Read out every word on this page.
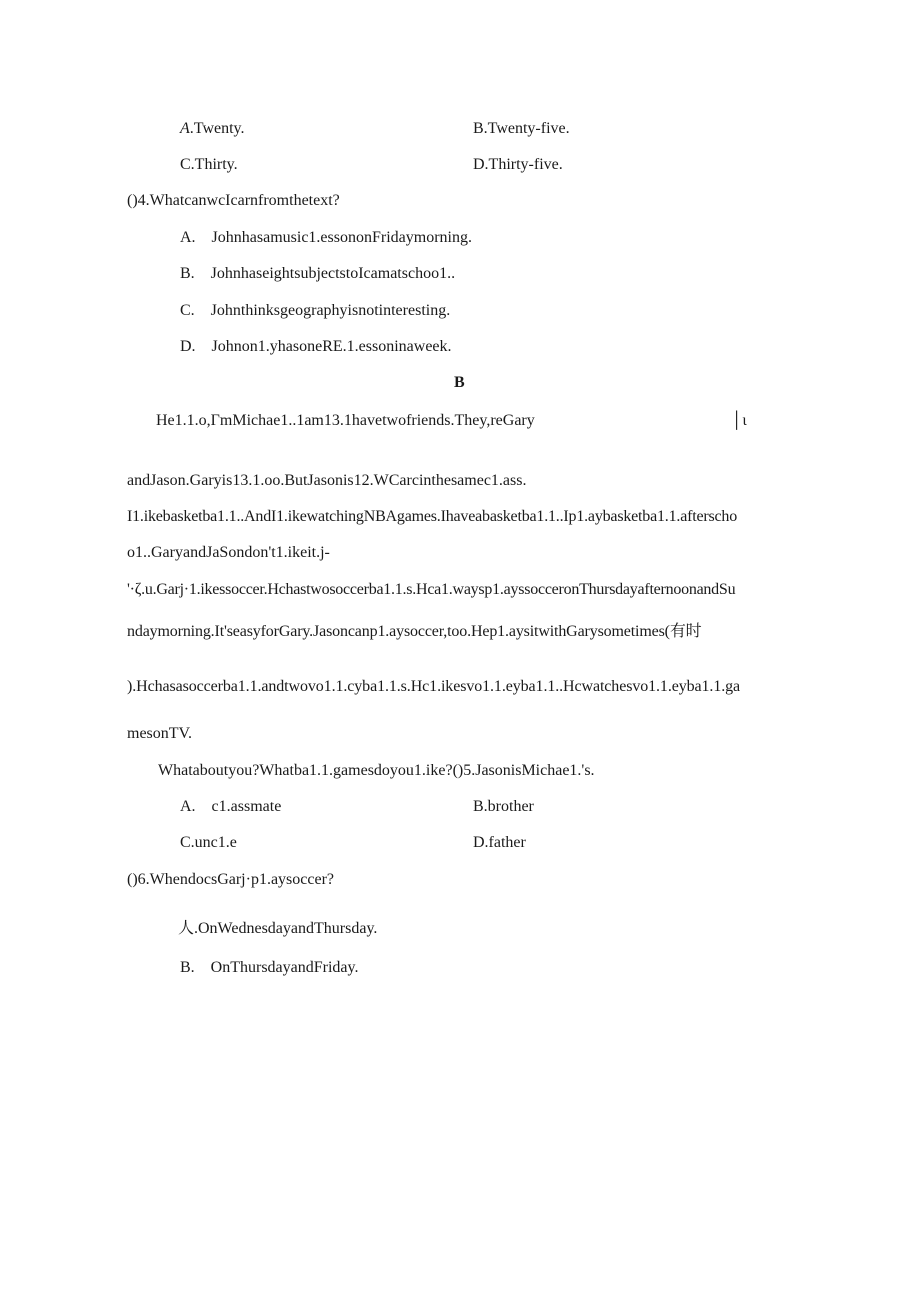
A.Twenty.	B.Twenty-five.
C.Thirty.	D.Thirty-five.
()4.WhatcanwcIcarnfromthetext?
A. Johnhasamusic1.essononFridaymorning.
B. JohnhaseightsubjectstoIcamatschoo1..
C. Johnthinksgeographyisnotinteresting.
D. Johnon1.yhasoneRE.1.essoninaweek.
B
He1.1.o,ΓmMichae1..1am13.1havetwofriends.They,reGary	│ι
andJason.Garyis13.1.oo.ButJasonis12.WCarcinthesamec1.ass.
I1.ikebasketba1.1..AndI1.ikewatchingNBAgames.Ihaveabasketba1.1..Ip1.aybasketba1.1.afterscho
o1..GaryandJaSondon't1.ikeit.j-
'·ζ.u.Garj·1.ikessoccer.Hchastwosoccerba1.1.s.Hca1.waysp1.ayssocceronThursdayafternoonandSu
ndaymorning.It'seasyforGary.Jasoncanp1.aysoccer,too.Hep1.aysitwithGarysometimes(有时
).Hchasasoccerba1.1.andtwovo1.1.cyba1.1.s.Hc1.ikesvo1.1.eyba1.1..Hcwatchesvo1.1.eyba1.1.ga
mesonTV.
Whataboutyou?Whatba1.1.gamesdoyou1.ike?()5.JasonisMichae1.'s.
A. c1.assmate	B.brother
C.unc1.e	D.father
()6.WhendocsGarj·p1.aysoccer?
人.OnWednesdayandThursday.
B. OnThursdayandFriday.
